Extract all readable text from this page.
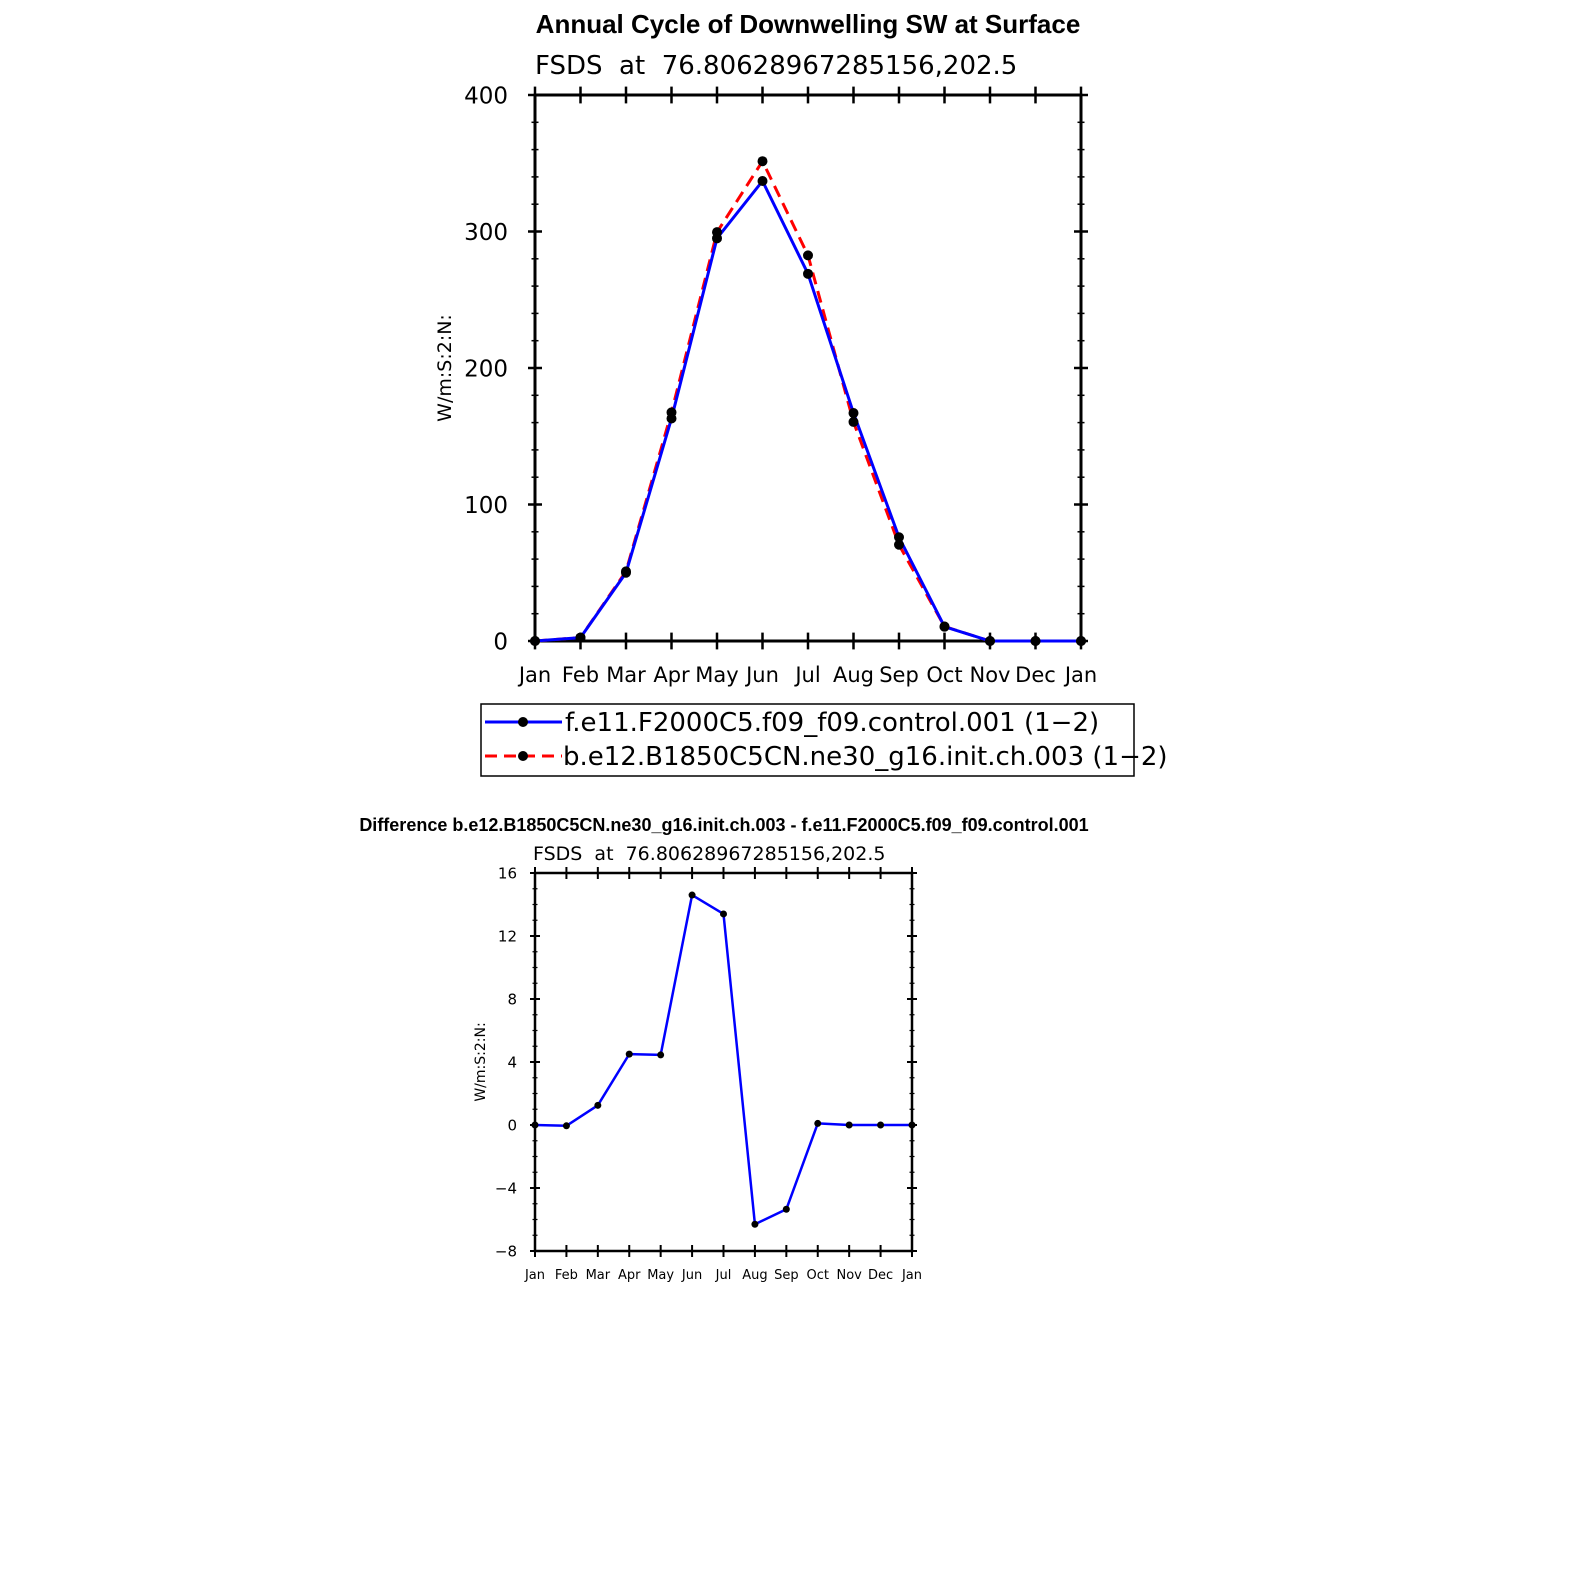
Annual Cycle of Downwelling SW at Surface
FSDS  at  76.80628967285156,202.5
W/m:S:2:N:
0
100
200
300
400
Jan Feb Mar Apr May Jun Jul Aug Sep Oct Nov Dec Jan
f.e11.F2000C5.f09_f09.control.001 (1−2)
b.e12.B1850C5CN.ne30_g16.init.ch.003 (1−2)
Difference b.e12.B1850C5CN.ne30_g16.init.ch.003 - f.e11.F2000C5.f09_f09.control.001
FSDS  at  76.80628967285156,202.5
W/m:S:2:N:
−8
−4
0
4
8
12
16
Jan Feb Mar Apr May Jun Jul Aug Sep Oct Nov Dec Jan
